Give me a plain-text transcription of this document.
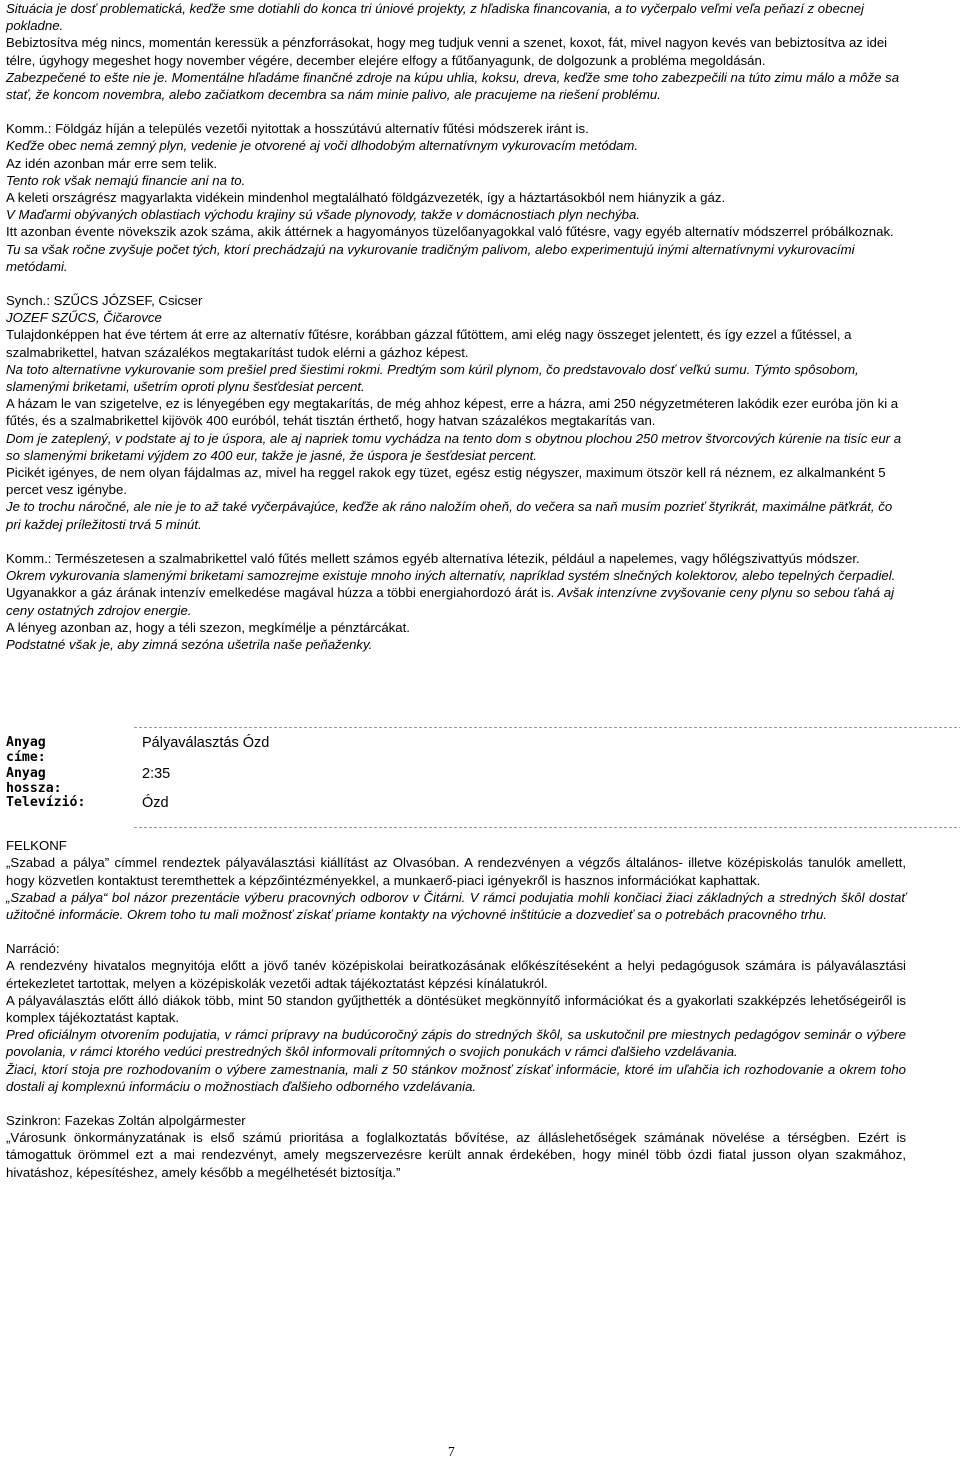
Situácia je dosť problematická, keďže sme dotiahli do konca tri úniové projekty, z hľadiska financovania, a to vyčerpalo veľmi veľa peňazí z obecnej pokladne.

Bebiztosítva még nincs, momentán keressük a pénzforrásokat, hogy meg tudjuk venni a szenet, koxot, fát, mivel nagyon kevés van bebiztosítva az idei télre, úgyhogy megeshet hogy november végére, december elejére elfogy a fűtőanyagunk, de dolgozunk a probléma megoldásán.

Zabezpečené to ešte nie je. Momentálne hľadáme finančné zdroje na kúpu uhlia, koksu, dreva, keďže sme toho zabezpečili na túto zimu málo a môže sa stať, že koncom novembra, alebo začiatkom decembra sa nám minie palivo, ale pracujeme na riešení problému.

Komm.: Földgáz híján a település vezetői nyitottak a hosszútávú alternatív fűtési módszerek iránt is.

Keďže obec nemá zemný plyn, vedenie je otvorené aj voči dlhodobým alternatívnym vykurovacím metódam.

Az idén azonban már erre sem telik.

Tento rok však nemajú financie ani na to.

A keleti országrész magyarlakta vidékein mindenhol megtalálható földgázvezeték, így a háztartásokból nem hiányzik a gáz.

V Maďarmi obývaných oblastiach východu krajiny sú všade plynovody, takže v domácnostiach plyn nechýba.

Itt azonban évente növekszik azok száma, akik áttérnek a hagyományos tüzelőanyagokkal való fűtésre, vagy egyéb alternatív módszerrel próbálkoznak.

Tu sa však ročne zvyšuje počet tých, ktorí prechádzajú na vykurovanie tradičným palivom, alebo experimentujú inými alternatívnymi vykurovacími metódami.

Synch.: SZŰCS JÓZSEF, Csicser

JOZEF SZŰCS, Čičarovce

Tulajdonképpen hat éve tértem át erre az alternatív fűtésre, korábban gázzal fűtöttem, ami elég nagy összeget jelentett, és így ezzel a fűtéssel, a szalmabrikettel, hatvan százalékos megtakarítást tudok elérni a gázhoz képest.

Na toto alternatívne vykurovanie som prešiel pred šiestimi rokmi. Predtým som kúril plynom, čo predstavovalo dosť veľkú sumu. Týmto spôsobom, slamenými briketami, ušetrím oproti plynu šesťdesiat percent.

A házam le van szigetelve, ez is lényegében egy megtakarítás, de még ahhoz képest, erre a házra, ami 250 négyzetméteren lakódik ezer euróba jön ki a fűtés, és a szalmabrikettel kijövök 400 euróból, tehát tisztán érthető, hogy hatvan százalékos megtakarítás van.

Dom je zateplený, v podstate aj to je úspora, ale aj napriek tomu vychádza na tento dom s obytnou plochou 250 metrov štvorcových kúrenie na tisíc eur a so slamenými briketami výjdem zo 400 eur, takže je jasné, že úspora je šesťdesiat percent.

Picikét igényes, de nem olyan fájdalmas az, mivel ha reggel rakok egy tüzet, egész estig négyszer, maximum ötször kell rá néznem, ez alkalmanként 5 percet vesz igénybe.

Je to trochu náročné, ale nie je to až také vyčerpávajúce, keďže ak ráno naložím oheň, do večera sa naň musím pozrieť štyrikrát, maximálne päťkrát, čo pri každej príležitosti trvá 5 minút.

Komm.: Természetesen a szalmabrikettel való fűtés mellett számos egyéb alternatíva létezik, például a napelemes, vagy hőlégszivattyús módszer.

Okrem vykurovania slamenými briketami samozrejme existuje mnoho iných alternatív, napríklad systém slnečných kolektorov, alebo tepelných čerpadiel.

Ugyanakkor a gáz árának intenzív emelkedése magával húzza a többi energiahordozó árát is. Avšak intenzívne zvyšovanie ceny plynu so sebou ťahá aj ceny ostatných zdrojov energie.

A lényeg azonban az, hogy a téli szezon, megkímélje a pénztárcákat.

Podstatné však je, aby zimná sezóna ušetrila naše peňaženky.

Anyag címe:
Pályaválasztás Ózd
Anyag hossza:
2:35
Televízió:	Ózd

FELKONF

„Szabad a pálya” címmel rendeztek pályaválasztási kiállítást az Olvasóban. A rendezvényen a végzős általános- illetve középiskolás tanulók amellett, hogy közvetlen kontaktust teremthettek a képzőintézményekkel, a munkaerő-piaci igényekről is hasznos információkat kaphattak.

„Szabad a pálya“ bol názor prezentácie výberu pracovných odborov v Čitárni. V rámci podujatia mohli končiaci žiaci základných a stredných škôl dostať užitočné informácie. Okrem toho tu mali možnosť získať priame kontakty na výchovné inštitúcie a dozvedieť sa o potrebách pracovného trhu.

Narráció:

A rendezvény hivatalos megnyitója előtt a jövő tanév középiskolai beiratkozásának előkészítéseként a helyi pedagógusok számára is pályaválasztási értekezletet tartottak, melyen a középiskolák vezetői adtak tájékoztatást képzési kínálatukról.

A pályaválasztás előtt álló diákok több, mint 50 standon gyűjthették a döntésüket megkönnyítő információkat és a gyakorlati szakképzés lehetőségeiről is komplex tájékoztatást kaptak.

Pred oficiálnym otvorením podujatia, v rámci prípravy na budúcoročný zápis do stredných škôl, sa uskutočnil pre miestnych pedagógov seminár o výbere povolania, v rámci ktorého vedúci prestredných škôl informovali prítomných o svojich ponukách v rámci ďalšieho vzdelávania.

Žiaci, ktorí stoja pre rozhodovaním o výbere zamestnania, mali z 50 stánkov možnosť získať informácie, ktoré im uľahčia ich rozhodovanie a okrem toho dostali aj komplexnú informáciu o možnostiach ďalšieho odborného vzdelávania.

Szinkron: Fazekas Zoltán alpolgármester

„Városunk önkormányzatának is első számú prioritása a foglalkoztatás bővítése, az álláslehetőségek számának növelése a térségben. Ezért is támogattuk örömmel ezt a mai rendezvényt, amely megszervezésre került annak érdekében, hogy minél több ózdi fiatal jusson olyan szakmához, hivatáshoz, képesítéshez, amely később a megélhetését biztosítja.”

7
